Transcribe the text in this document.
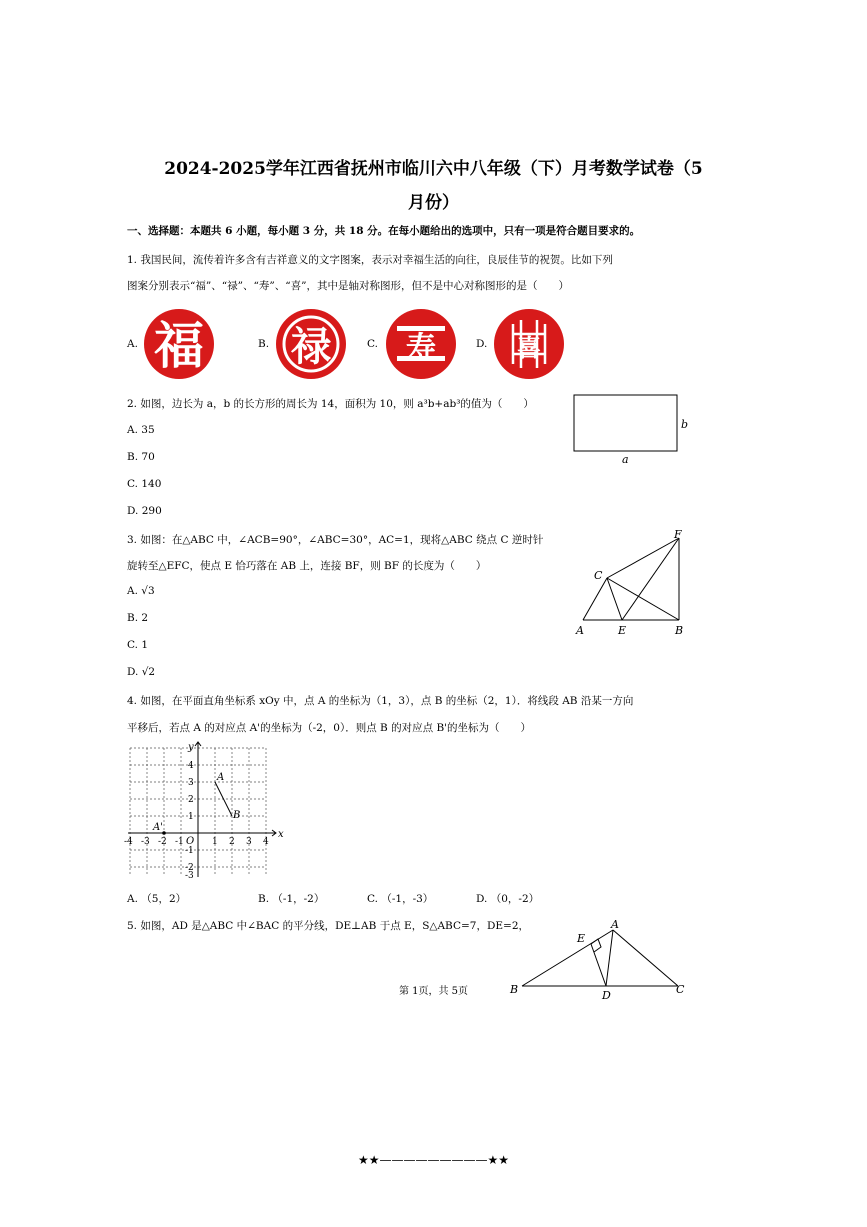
2024-2025学年江西省抚州市临川六中八年级（下）月考数学试卷（5
月份）
一、选择题：本题共 6 小题，每小题 3 分，共 18 分。在每小题给出的选项中，只有一项是符合题目要求的。
1. 我国民间，流传着许多含有吉祥意义的文字图案，表示对幸福生活的向往，良辰佳节的祝贺。比如下列
图案分别表示“福”、“禄”、“寿”、“喜”，其中是轴对称图形，但不是中心对称图形的是（　　）
A. 福	B. 禄	C. 寿	D. 喜
2. 如图，边长为 a，b 的长方形的周长为 14，面积为 10，则 a³b+ab³的值为（　　）
A. 35
B. 70
C. 140
D. 290
b
a
3. 如图：在△ABC 中，∠ACB=90°，∠ABC=30°，AC=1，现将△ABC 绕点 C 逆时针
旋转至△EFC，使点 E 恰巧落在 AB 上，连接 BF，则 BF 的长度为（　　）
A. √3
B. 2
C. 1
D. √2
A	E	B
C
F
4. 如图，在平面直角坐标系 xOy 中，点 A 的坐标为（1，3），点 B 的坐标（2，1）．将线段 AB 沿某一方向
平移后，若点 A 的对应点 A'的坐标为（-2，0）．则点 B 的对应点 B'的坐标为（　　）
x
y
O
-4 -3 -2 -1	1 2 3 4
4
3
2
1
-1
-2
-3
A
B
A'
A. （5，2）	B. （-1，-2）	C. （-1，-3）	D. （0，-2）
5. 如图，AD 是△ABC 中∠BAC 的平分线，DE⊥AB 于点 E，S△ABC=7，DE=2，	A
B	C
D
E
第 1页，共 5页
★★—————————★★
